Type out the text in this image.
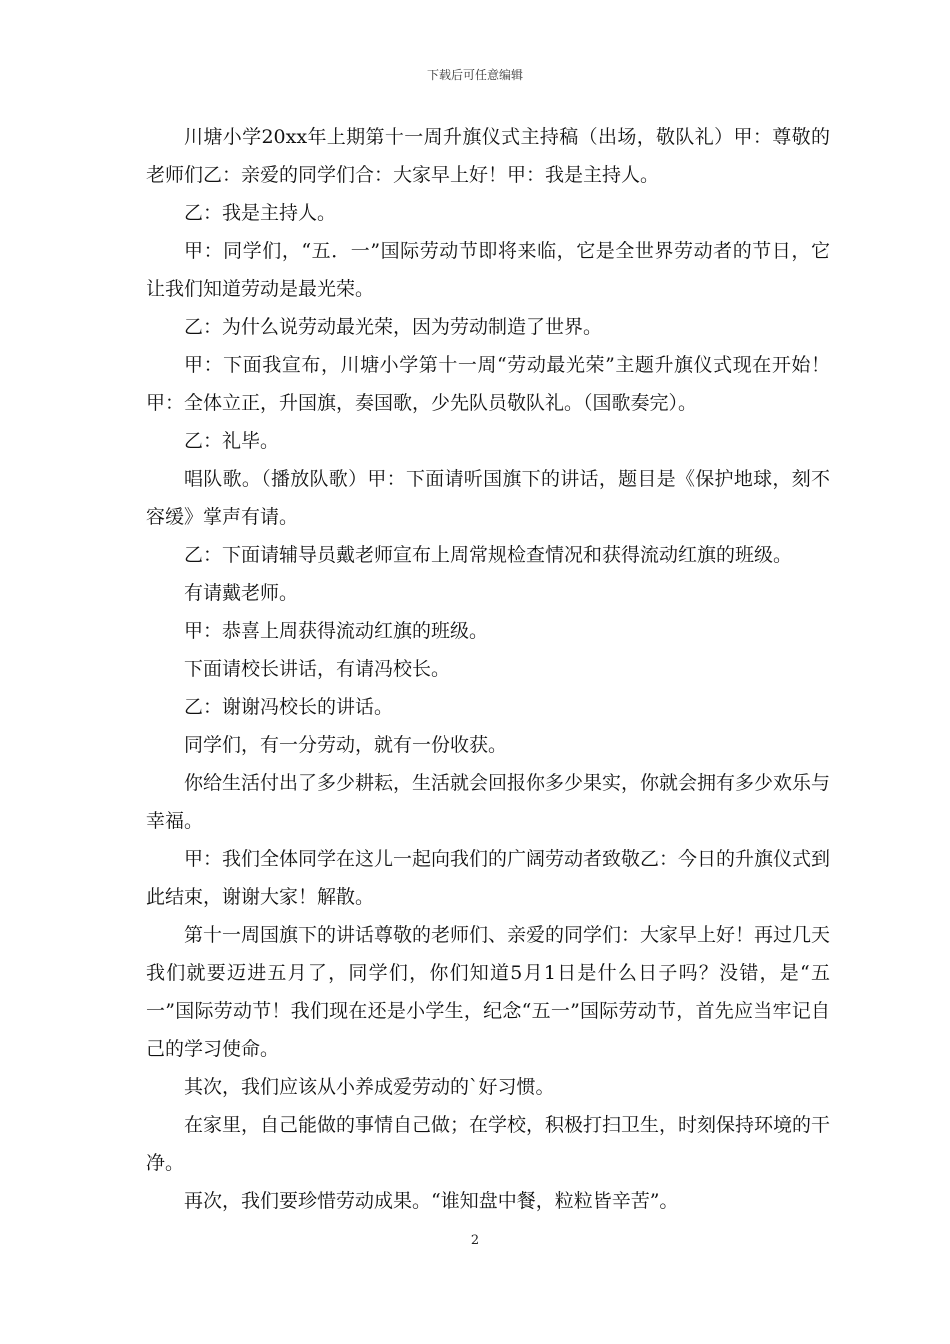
下载后可任意编辑

川塘小学20xx年上期第十一周升旗仪式主持稿（出场，敬队礼）甲：尊敬的老师们乙：亲爱的同学们合：大家早上好！甲：我是主持人。

乙：我是主持人。

甲：同学们，“五．一”国际劳动节即将来临，它是全世界劳动者的节日，它让我们知道劳动是最光荣。

乙：为什么说劳动最光荣，因为劳动制造了世界。

甲：下面我宣布，川塘小学第十一周“劳动最光荣”主题升旗仪式现在开始！甲：全体立正，升国旗，奏国歌，少先队员敬队礼。（国歌奏完）。

乙：礼毕。

唱队歌。（播放队歌）甲：下面请听国旗下的讲话，题目是《保护地球，刻不容缓》掌声有请。

乙：下面请辅导员戴老师宣布上周常规检查情况和获得流动红旗的班级。

有请戴老师。

甲：恭喜上周获得流动红旗的班级。

下面请校长讲话，有请冯校长。

乙：谢谢冯校长的讲话。

同学们，有一分劳动，就有一份收获。

你给生活付出了多少耕耘，生活就会回报你多少果实，你就会拥有多少欢乐与幸福。

甲：我们全体同学在这儿一起向我们的广阔劳动者致敬乙：今日的升旗仪式到此结束，谢谢大家！解散。

第十一周国旗下的讲话尊敬的老师们、亲爱的同学们：大家早上好！再过几天我们就要迈进五月了，同学们，你们知道5月1日是什么日子吗？没错，是“五一”国际劳动节！我们现在还是小学生，纪念“五一”国际劳动节，首先应当牢记自己的学习使命。

其次，我们应该从小养成爱劳动的`好习惯。

在家里，自己能做的事情自己做；在学校，积极打扫卫生，时刻保持环境的干净。

再次，我们要珍惜劳动成果。“谁知盘中餐，粒粒皆辛苦”。

2
